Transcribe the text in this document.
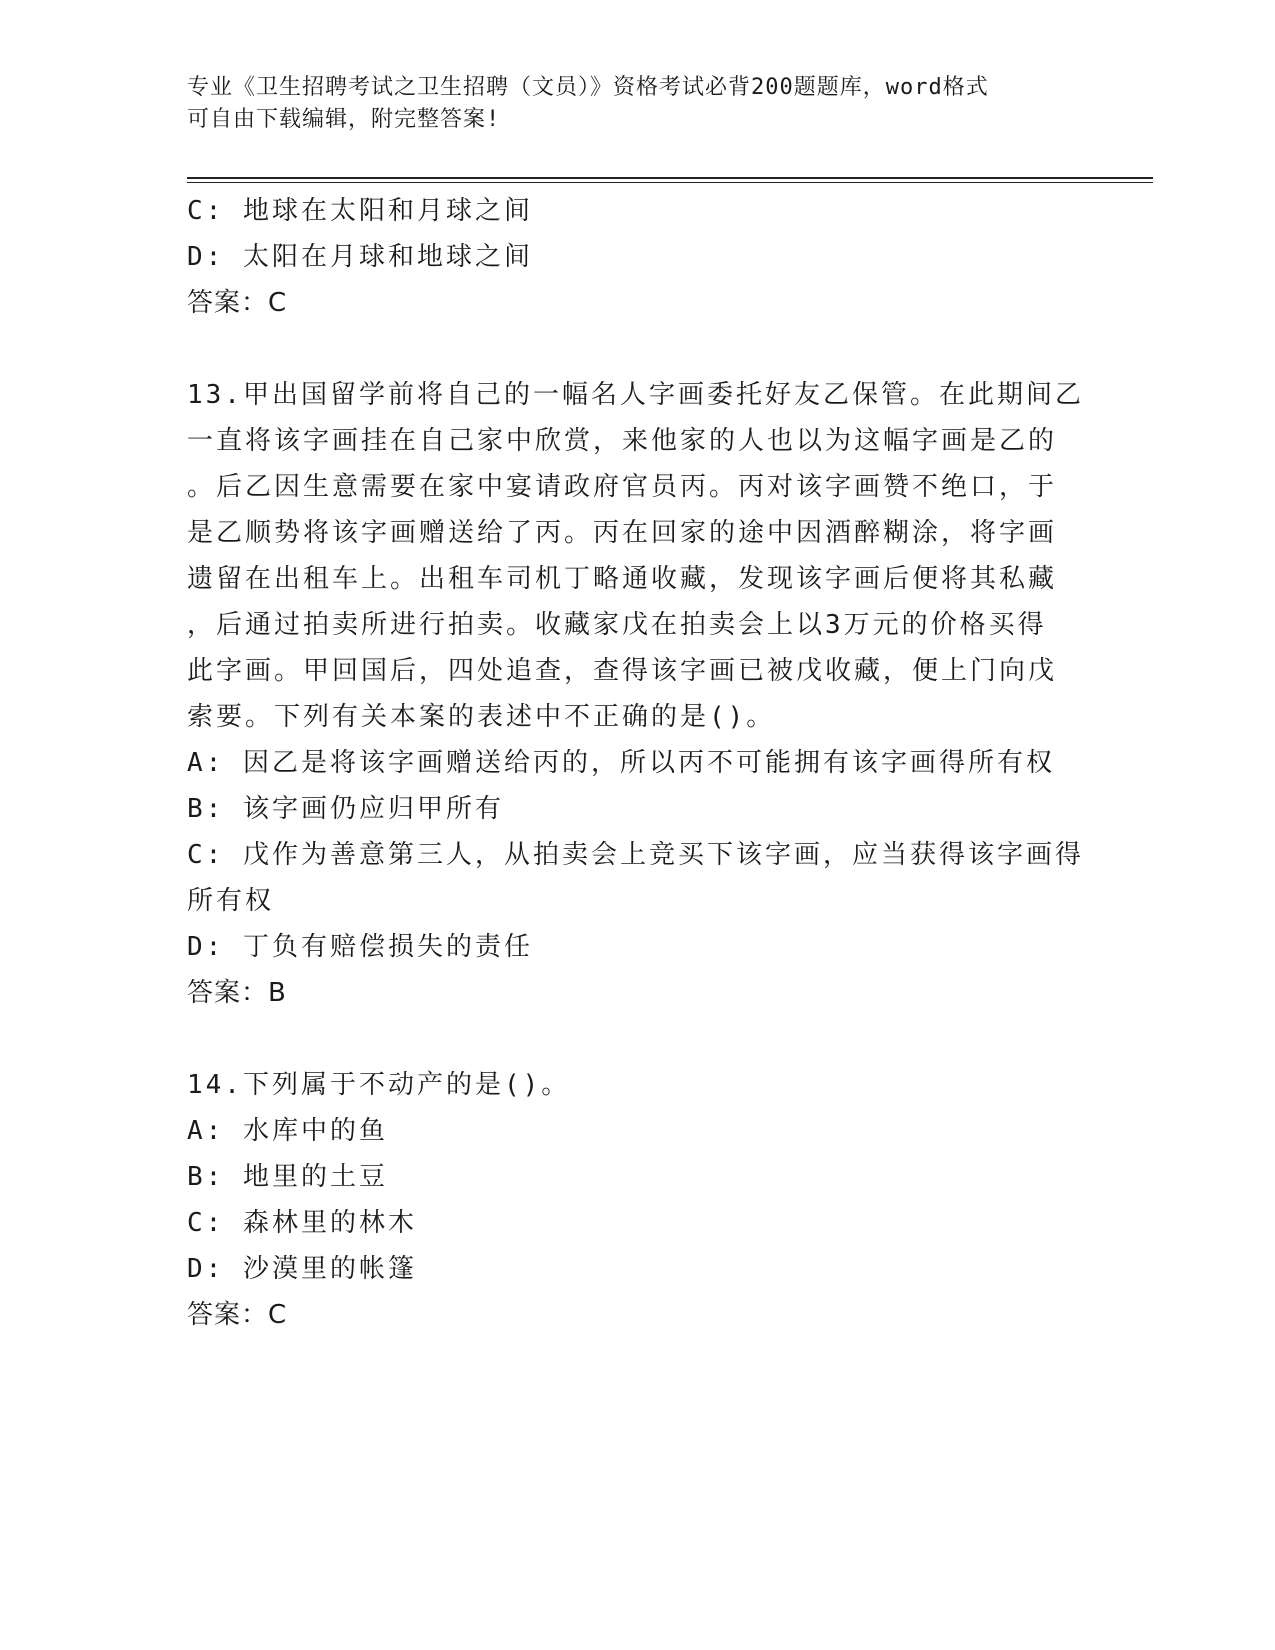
专业《卫生招聘考试之卫生招聘（文员）》资格考试必背200题题库，word格式
可自由下载编辑，附完整答案!
C: 地球在太阳和月球之间
D: 太阳在月球和地球之间
答案：C
13.甲出国留学前将自己的一幅名人字画委托好友乙保管。在此期间乙
一直将该字画挂在自己家中欣赏，来他家的人也以为这幅字画是乙的
。后乙因生意需要在家中宴请政府官员丙。丙对该字画赞不绝口，于
是乙顺势将该字画赠送给了丙。丙在回家的途中因酒醉糊涂，将字画
遗留在出租车上。出租车司机丁略通收藏，发现该字画后便将其私藏
，后通过拍卖所进行拍卖。收藏家戊在拍卖会上以3万元的价格买得
此字画。甲回国后，四处追查，查得该字画已被戊收藏，便上门向戊
索要。下列有关本案的表述中不正确的是()。
A: 因乙是将该字画赠送给丙的，所以丙不可能拥有该字画得所有权
B: 该字画仍应归甲所有
C: 戊作为善意第三人，从拍卖会上竞买下该字画，应当获得该字画得
所有权
D: 丁负有赔偿损失的责任
答案：B
14.下列属于不动产的是()。
A: 水库中的鱼
B: 地里的土豆
C: 森林里的林木
D: 沙漠里的帐篷
答案：C
